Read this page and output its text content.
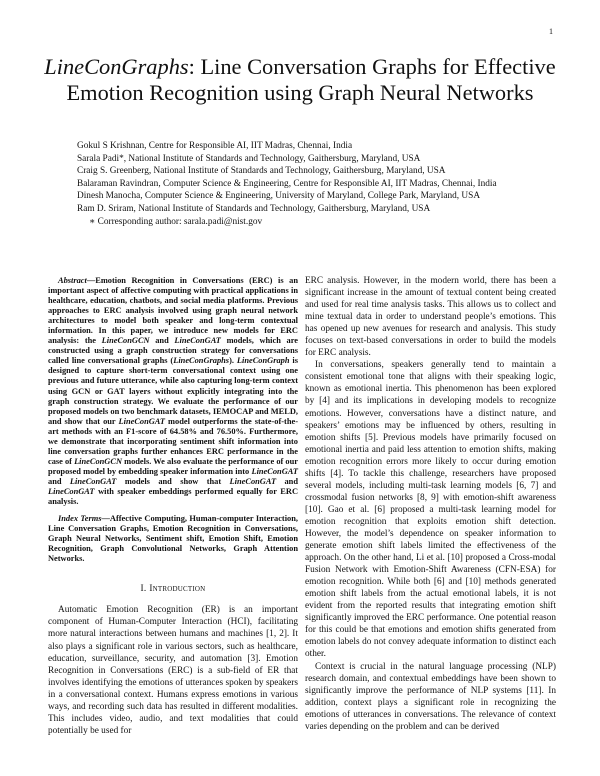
1
LineConGraphs: Line Conversation Graphs for Effective Emotion Recognition using Graph Neural Networks
Gokul S Krishnan, Centre for Responsible AI, IIT Madras, Chennai, India
Sarala Padi*, National Institute of Standards and Technology, Gaithersburg, Maryland, USA
Craig S. Greenberg, National Institute of Standards and Technology, Gaithersburg, Maryland, USA
Balaraman Ravindran, Computer Science & Engineering, Centre for Responsible AI, IIT Madras, Chennai, India
Dinesh Manocha, Computer Science & Engineering, University of Maryland, College Park, Maryland, USA
Ram D. Sriram, National Institute of Standards and Technology, Gaithersburg, Maryland, USA
∗ Corresponding author: sarala.padi@nist.gov

Abstract—Emotion Recognition in Conversations (ERC) is an important aspect of affective computing with practical applications in healthcare, education, chatbots, and social media platforms. Previous approaches to ERC analysis involved using graph neural network architectures to model both speaker and long-term contextual information. In this paper, we introduce new models for ERC analysis: the LineConGCN and LineConGAT models, which are constructed using a graph construction strategy for conversations called line conversational graphs (LineConGraphs). LineConGraph is designed to capture short-term conversational context using one previous and future utterance, while also capturing long-term context using GCN or GAT layers without explicitly integrating into the graph construction strategy. We evaluate the performance of our proposed models on two benchmark datasets, IEMOCAP and MELD, and show that our LineConGAT model outperforms the state-of-the-art methods with an F1-score of 64.58% and 76.50%. Furthermore, we demonstrate that incorporating sentiment shift information into line conversation graphs further enhances ERC performance in the case of LineConGCN models. We also evaluate the performance of our proposed model by embedding speaker information into LineConGAT and LineConGAT models and show that LineConGAT and LineConGAT with speaker embeddings performed equally for ERC analysis.

Index Terms—Affective Computing, Human-computer Interaction, Line Conversation Graphs, Emotion Recognition in Conversations, Graph Neural Networks, Sentiment shift, Emotion Shift, Emotion Recognition, Graph Convolutional Networks, Graph Attention Networks.

I. Introduction

Automatic Emotion Recognition (ER) is an important component of Human-Computer Interaction (HCI), facilitating more natural interactions between humans and machines [1, 2]. It also plays a significant role in various sectors, such as healthcare, education, surveillance, security, and automation [3]. Emotion Recognition in Conversations (ERC) is a sub-field of ER that involves identifying the emotions of utterances spoken by speakers in a conversational context. Humans express emotions in various ways, and recording such data has resulted in different modalities. This includes video, audio, and text modalities that could potentially be used for

ERC analysis. However, in the modern world, there has been a significant increase in the amount of textual content being created and used for real time analysis tasks. This allows us to collect and mine textual data in order to understand people’s emotions. This has opened up new avenues for research and analysis. This study focuses on text-based conversations in order to build the models for ERC analysis.

In conversations, speakers generally tend to maintain a consistent emotional tone that aligns with their speaking logic, known as emotional inertia. This phenomenon has been explored by [4] and its implications in developing models to recognize emotions. However, conversations have a distinct nature, and speakers’ emotions may be influenced by others, resulting in emotion shifts [5]. Previous models have primarily focused on emotional inertia and paid less attention to emotion shifts, making emotion recognition errors more likely to occur during emotion shifts [4]. To tackle this challenge, researchers have proposed several models, including multi-task learning models [6, 7] and crossmodal fusion networks [8, 9] with emotion-shift awareness [10]. Gao et al. [6] proposed a multi-task learning model for emotion recognition that exploits emotion shift detection. However, the model’s dependence on speaker information to generate emotion shift labels limited the effectiveness of the approach. On the other hand, Li et al. [10] proposed a Cross-modal Fusion Network with Emotion-Shift Awareness (CFN-ESA) for emotion recognition. While both [6] and [10] methods generated emotion shift labels from the actual emotional labels, it is not evident from the reported results that integrating emotion shift significantly improved the ERC performance. One potential reason for this could be that emotions and emotion shifts generated from emotion labels do not convey adequate information to distinct each other.

Context is crucial in the natural language processing (NLP) research domain, and contextual embeddings have been shown to significantly improve the performance of NLP systems [11]. In addition, context plays a significant role in recognizing the emotions of utterances in conversations. The relevance of context varies depending on the problem and can be derived
